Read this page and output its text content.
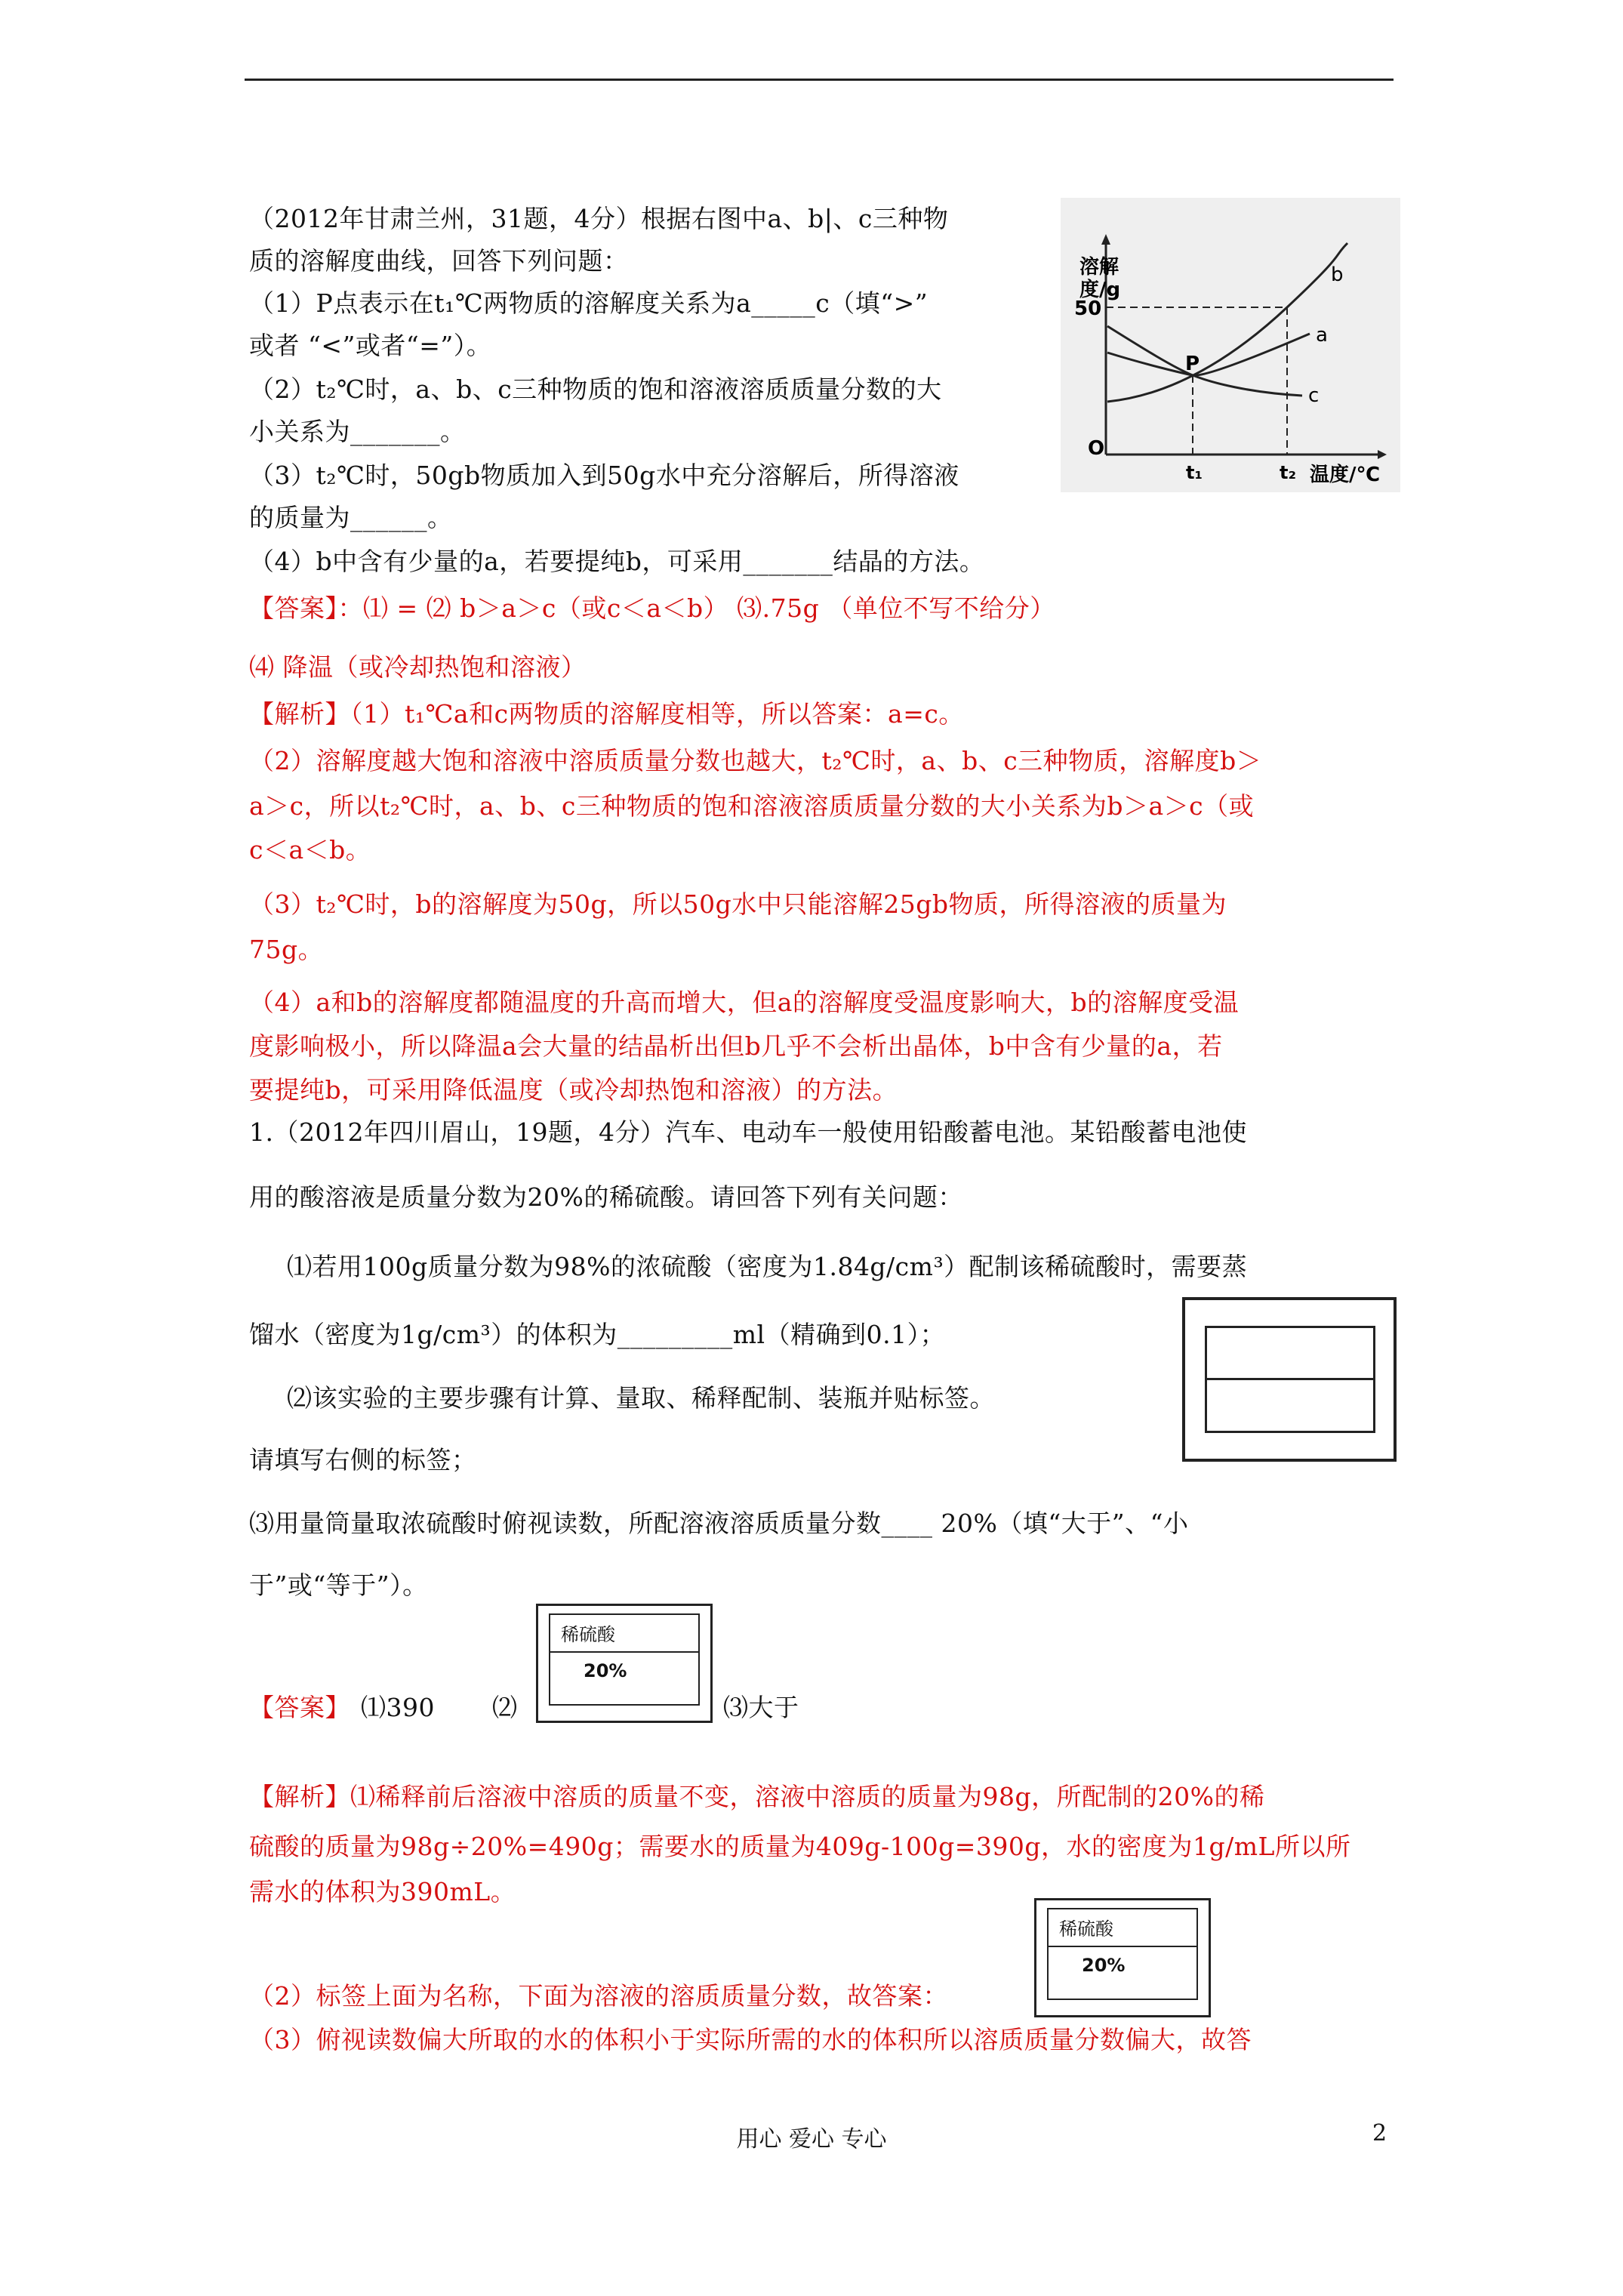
（2012年甘肃兰州，31题，4分）根据右图中a、b|、c三种物
质的溶解度曲线，回答下列问题：
（1）P点表示在t₁℃两物质的溶解度关系为a_____c（填“>”
或者 “<”或者“=”）。
（2）t₂℃时，a、b、c三种物质的饱和溶液溶质质量分数的大
小关系为_______。
（3）t₂℃时，50gb物质加入到50g水中充分溶解后，所得溶液
的质量为______。
（4）b中含有少量的a，若要提纯b，可采用_______结晶的方法。
溶解
度/g
50
b
a
c
P
O
t₁	t₂ 温度/℃
【答案】：⑴ = ⑵ b＞a＞c（或c＜a＜b） ⑶.75g （单位不写不给分）
⑷ 降温（或冷却热饱和溶液）
【解析】（1）t₁℃a和c两物质的溶解度相等，所以答案：a=c。
（2）溶解度越大饱和溶液中溶质质量分数也越大，t₂℃时，a、b、c三种物质，溶解度b＞
a＞c，所以t₂℃时，a、b、c三种物质的饱和溶液溶质质量分数的大小关系为b＞a＞c（或
c＜a＜b。
（3）t₂℃时，b的溶解度为50g，所以50g水中只能溶解25gb物质，所得溶液的质量为
75g。
（4）a和b的溶解度都随温度的升高而增大，但a的溶解度受温度影响大，b的溶解度受温
度影响极小，所以降温a会大量的结晶析出但b几乎不会析出晶体，b中含有少量的a，若
要提纯b，可采用降低温度（或冷却热饱和溶液）的方法。
1.（2012年四川眉山，19题，4分）汽车、电动车一般使用铅酸蓄电池。某铅酸蓄电池使
用的酸溶液是质量分数为20%的稀硫酸。请回答下列有关问题：
⑴若用100g质量分数为98%的浓硫酸（密度为1.84g/cm³）配制该稀硫酸时，需要蒸
馏水（密度为1g/cm³）的体积为_________ml（精确到0.1）；
⑵该实验的主要步骤有计算、量取、稀释配制、装瓶并贴标签。
请填写右侧的标签；
⑶用量筒量取浓硫酸时俯视读数，所配溶液溶质质量分数____ 20%（填“大于”、“小
于”或“等于”）。
【答案】 ⑴390 ⑵
稀硫酸
20%
⑶大于
【解析】⑴稀释前后溶液中溶质的质量不变，溶液中溶质的质量为98g，所配制的20%的稀
硫酸的质量为98g÷20%=490g；需要水的质量为409g-100g=390g，水的密度为1g/mL所以所
需水的体积为390mL。
稀硫酸
20%
（2）标签上面为名称，下面为溶液的溶质质量分数，故答案：
（3）俯视读数偏大所取的水的体积小于实际所需的水的体积所以溶质质量分数偏大，故答
用心 爱心 专心	2
